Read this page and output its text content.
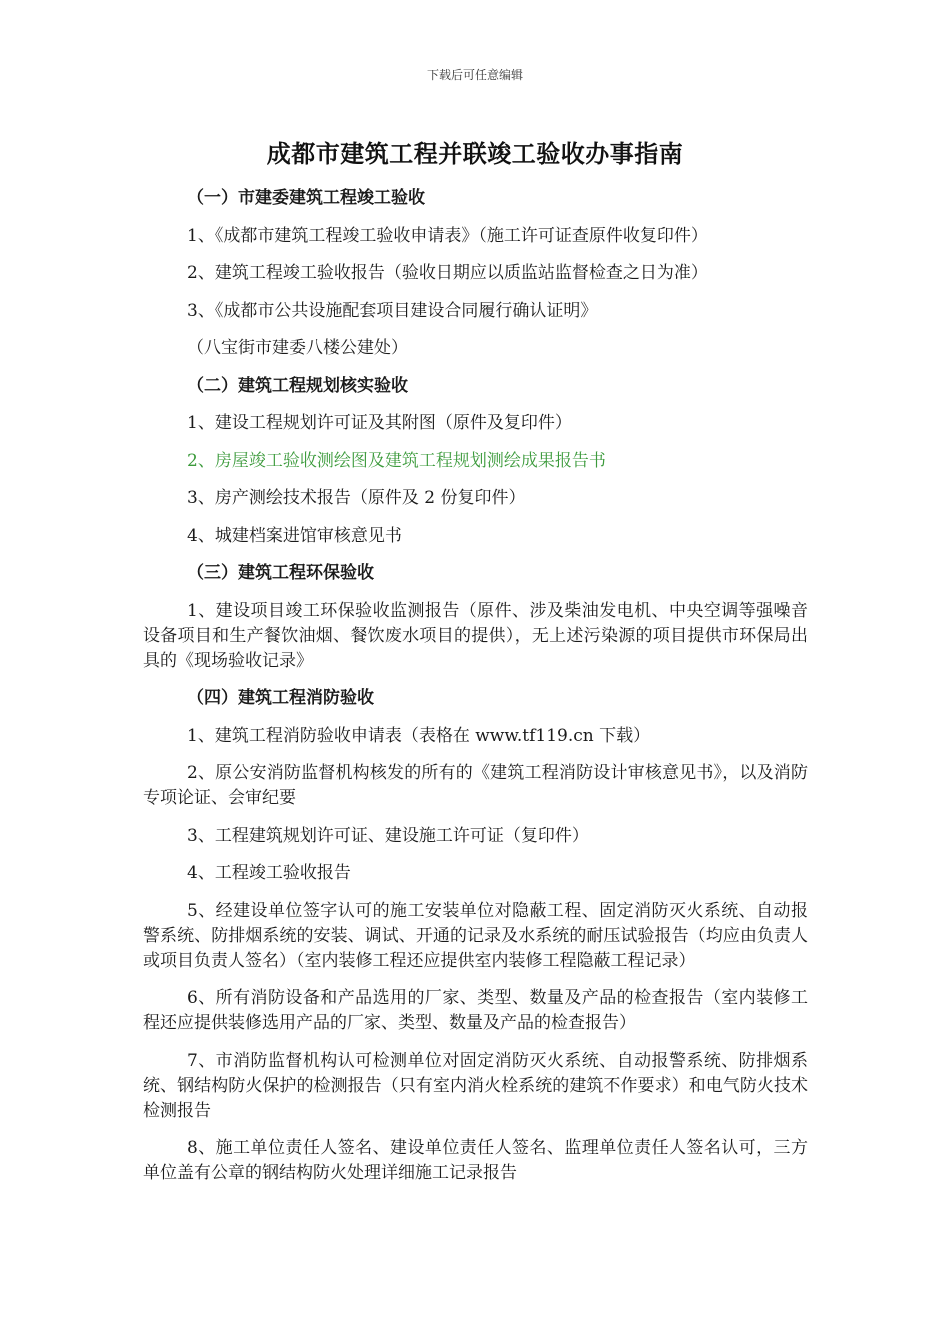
下载后可任意编辑
成都市建筑工程并联竣工验收办事指南
（一）市建委建筑工程竣工验收

1、《成都市建筑工程竣工验收申请表》（施工许可证查原件收复印件）

2、建筑工程竣工验收报告（验收日期应以质监站监督检查之日为准）

3、《成都市公共设施配套项目建设合同履行确认证明》

（八宝街市建委八楼公建处）

（二）建筑工程规划核实验收

1、建设工程规划许可证及其附图（原件及复印件）

2、房屋竣工验收测绘图及建筑工程规划测绘成果报告书

3、房产测绘技术报告（原件及 2 份复印件）

4、城建档案进馆审核意见书

（三）建筑工程环保验收

1、建设项目竣工环保验收监测报告（原件、涉及柴油发电机、中央空调等强噪音设备项目和生产餐饮油烟、餐饮废水项目的提供），无上述污染源的项目提供市环保局出具的《现场验收记录》

（四）建筑工程消防验收

1、建筑工程消防验收申请表（表格在 www.tf119.cn 下载）

2、原公安消防监督机构核发的所有的《建筑工程消防设计审核意见书》，以及消防专项论证、会审纪要

3、工程建筑规划许可证、建设施工许可证（复印件）

4、工程竣工验收报告

5、经建设单位签字认可的施工安装单位对隐蔽工程、固定消防灭火系统、自动报警系统、防排烟系统的安装、调试、开通的记录及水系统的耐压试验报告（均应由负责人或项目负责人签名）（室内装修工程还应提供室内装修工程隐蔽工程记录）

6、所有消防设备和产品选用的厂家、类型、数量及产品的检查报告（室内装修工程还应提供装修选用产品的厂家、类型、数量及产品的检查报告）

7、市消防监督机构认可检测单位对固定消防灭火系统、自动报警系统、防排烟系统、钢结构防火保护的检测报告（只有室内消火栓系统的建筑不作要求）和电气防火技术检测报告

8、施工单位责任人签名、建设单位责任人签名、监理单位责任人签名认可，三方单位盖有公章的钢结构防火处理详细施工记录报告
